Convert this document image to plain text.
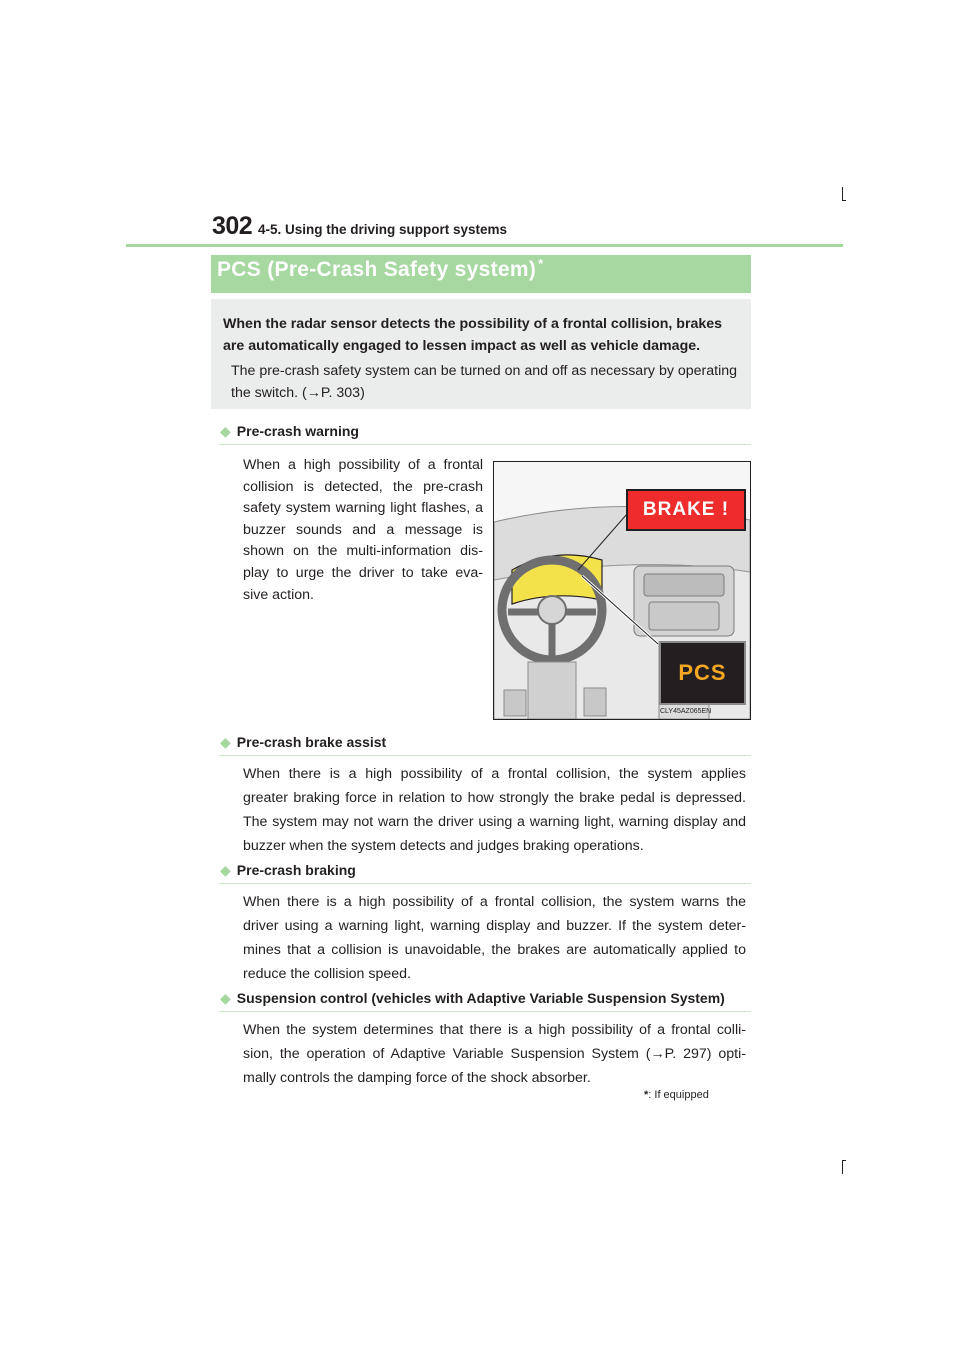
302 4-5. Using the driving support systems
PCS (Pre-Crash Safety system) *
When the radar sensor detects the possibility of a frontal collision, brakes are automatically engaged to lessen impact as well as vehicle damage.
The pre-crash safety system can be turned on and off as necessary by operating the switch. (→P. 303)
◆ Pre-crash warning
When a high possibility of a frontal
collision is detected, the pre-crash
safety system warning light flashes, a
buzzer sounds and a message is
shown on the multi-information dis-
play to urge the driver to take eva-
sive action.
CLY45AZ065EN
BRAKE !
PCS
◆ Pre-crash brake assist
When there is a high possibility of a frontal collision, the system applies
greater braking force in relation to how strongly the brake pedal is depressed.
The system may not warn the driver using a warning light, warning display and
buzzer when the system detects and judges braking operations.
◆ Pre-crash braking
When there is a high possibility of a frontal collision, the system warns the
driver using a warning light, warning display and buzzer. If the system deter-
mines that a collision is unavoidable, the brakes are automatically applied to
reduce the collision speed.
◆ Suspension control (vehicles with Adaptive Variable Suspension System)
When the system determines that there is a high possibility of a frontal colli-
sion, the operation of Adaptive Variable Suspension System (→P. 297) opti-
mally controls the damping force of the shock absorber.
*: If equipped
